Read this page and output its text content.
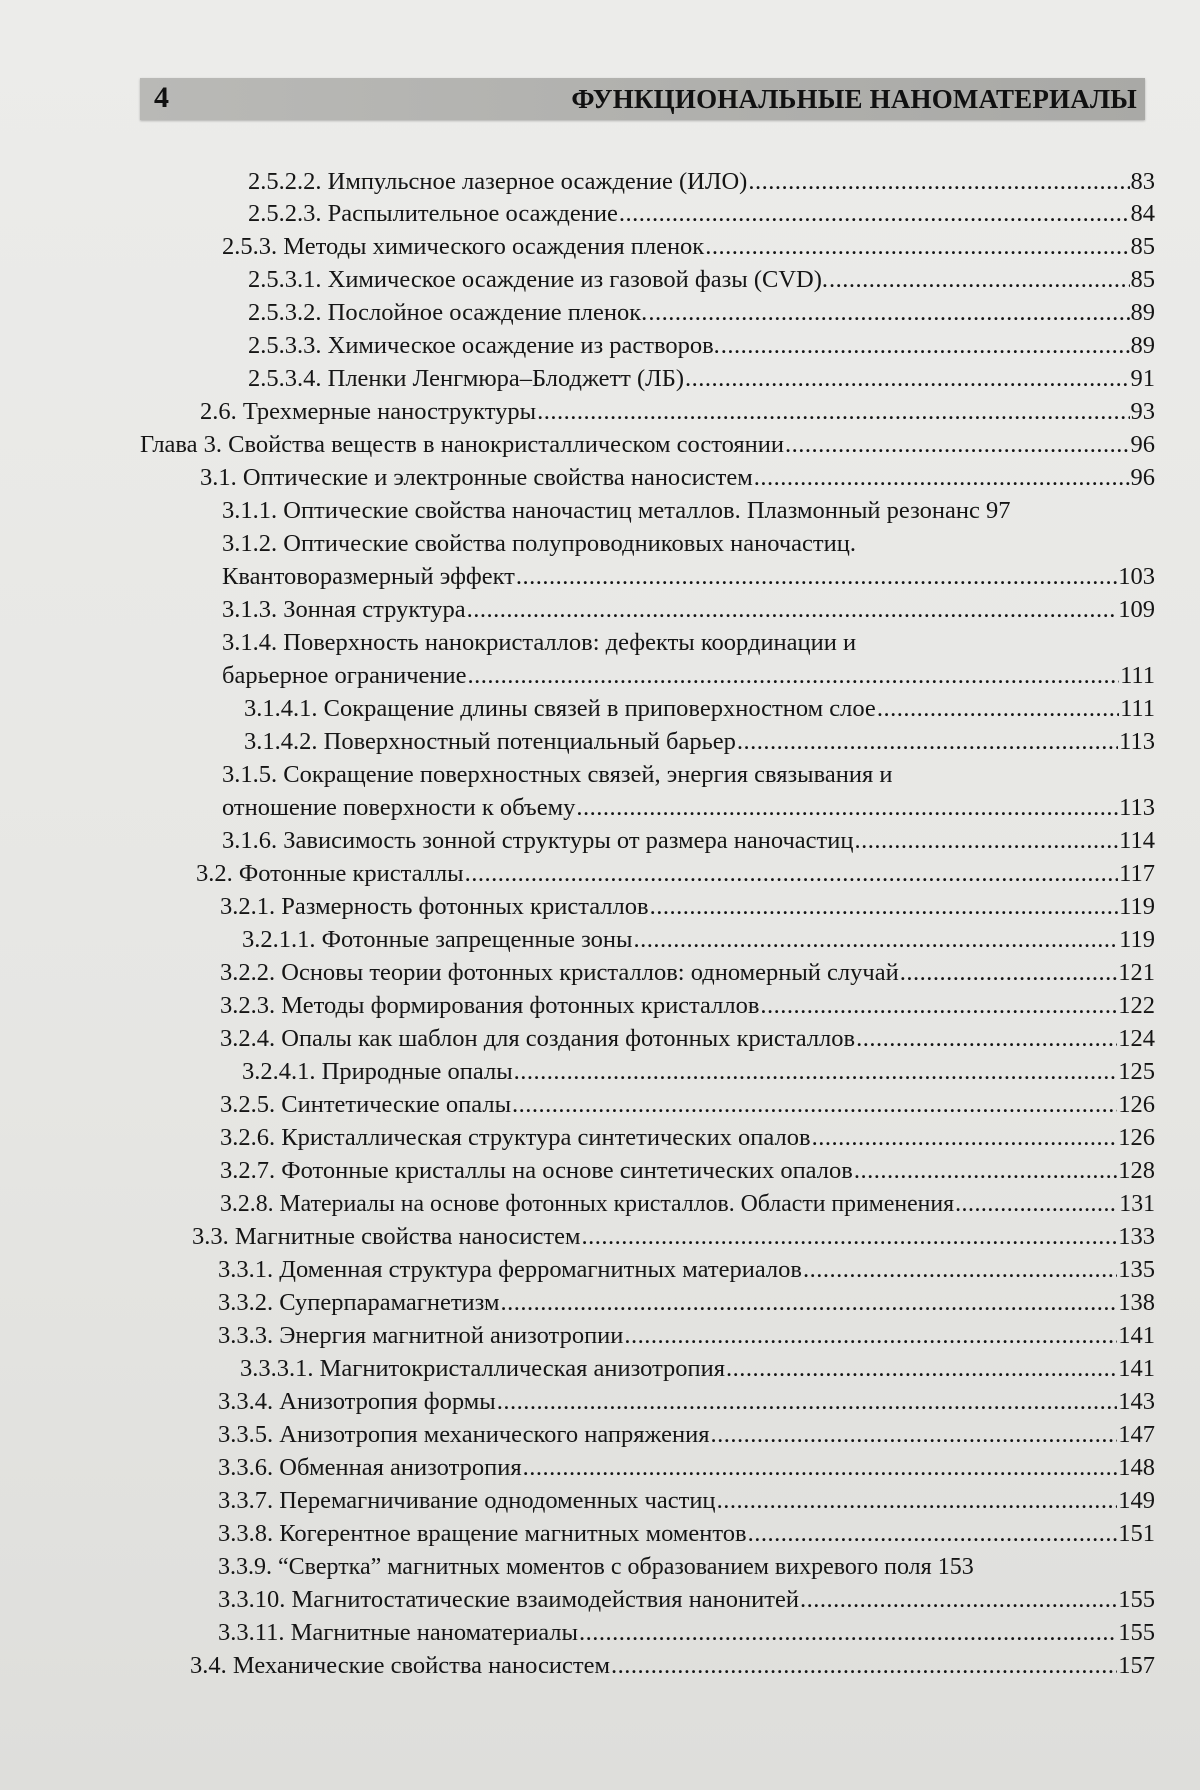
4	ФУНКЦИОНАЛЬНЫЕ НАНОМАТЕРИАЛЫ
2.5.2.2. Импульсное лазерное осаждение (ИЛО) .....	83
2.5.2.3. Распылительное осаждение .....	84
2.5.3. Методы химического осаждения пленок .....	85
2.5.3.1. Химическое осаждение из газовой фазы (CVD). .....	85
2.5.3.2. Послойное осаждение пленок. .....	89
2.5.3.3. Химическое осаждение из растворов. .....	89
2.5.3.4. Пленки Ленгмюра–Блоджетт (ЛБ) .....	91
2.6. Трехмерные наноструктуры .....	93
Глава 3. Свойства веществ в нанокристаллическом состоянии .....	96
3.1. Оптические и электронные свойства наносистем .....	96
3.1.1. Оптические свойства наночастиц металлов. Плазмонный резонанс 97
3.1.2. Оптические свойства полупроводниковых наночастиц.
Квантоворазмерный эффект .....	103
3.1.3. Зонная структура .....	109
3.1.4. Поверхность нанокристаллов: дефекты координации и
барьерное ограничение .....	111
3.1.4.1. Сокращение длины связей в приповерхностном слое .....	111
3.1.4.2. Поверхностный потенциальный барьер .....	113
3.1.5. Сокращение поверхностных связей, энергия связывания и
отношение поверхности к объему .....	113
3.1.6. Зависимость зонной структуры от размера наночастиц .....	114
3.2. Фотонные кристаллы .....	117
3.2.1. Размерность фотонных кристаллов .....	119
3.2.1.1. Фотонные запрещенные зоны .....	119
3.2.2. Основы теории фотонных кристаллов: одномерный случай .....	121
3.2.3. Методы формирования фотонных кристаллов .....	122
3.2.4. Опалы как шаблон для создания фотонных кристаллов .....	124
3.2.4.1. Природные опалы .....	125
3.2.5. Синтетические опалы .....	126
3.2.6. Кристаллическая структура синтетических опалов .....	126
3.2.7. Фотонные кристаллы на основе синтетических опалов .....	128
3.2.8. Материалы на основе фотонных кристаллов. Области применения .....	131
3.3. Магнитные свойства наносистем .....	133
3.3.1. Доменная структура ферромагнитных материалов .....	135
3.3.2. Суперпарамагнетизм .....	138
3.3.3. Энергия магнитной анизотропии .....	141
3.3.3.1. Магнитокристаллическая анизотропия .....	141
3.3.4. Анизотропия формы .....	143
3.3.5. Анизотропия механического напряжения .....	147
3.3.6. Обменная анизотропия .....	148
3.3.7. Перемагничивание однодоменных частиц .....	149
3.3.8. Когерентное вращение магнитных моментов .....	151
3.3.9. “Свертка” магнитных моментов с образованием вихревого поля 153
3.3.10. Магнитостатические взаимодействия нанонитей .....	155
3.3.11. Магнитные наноматериалы .....	155
3.4. Механические свойства наносистем .....	157
